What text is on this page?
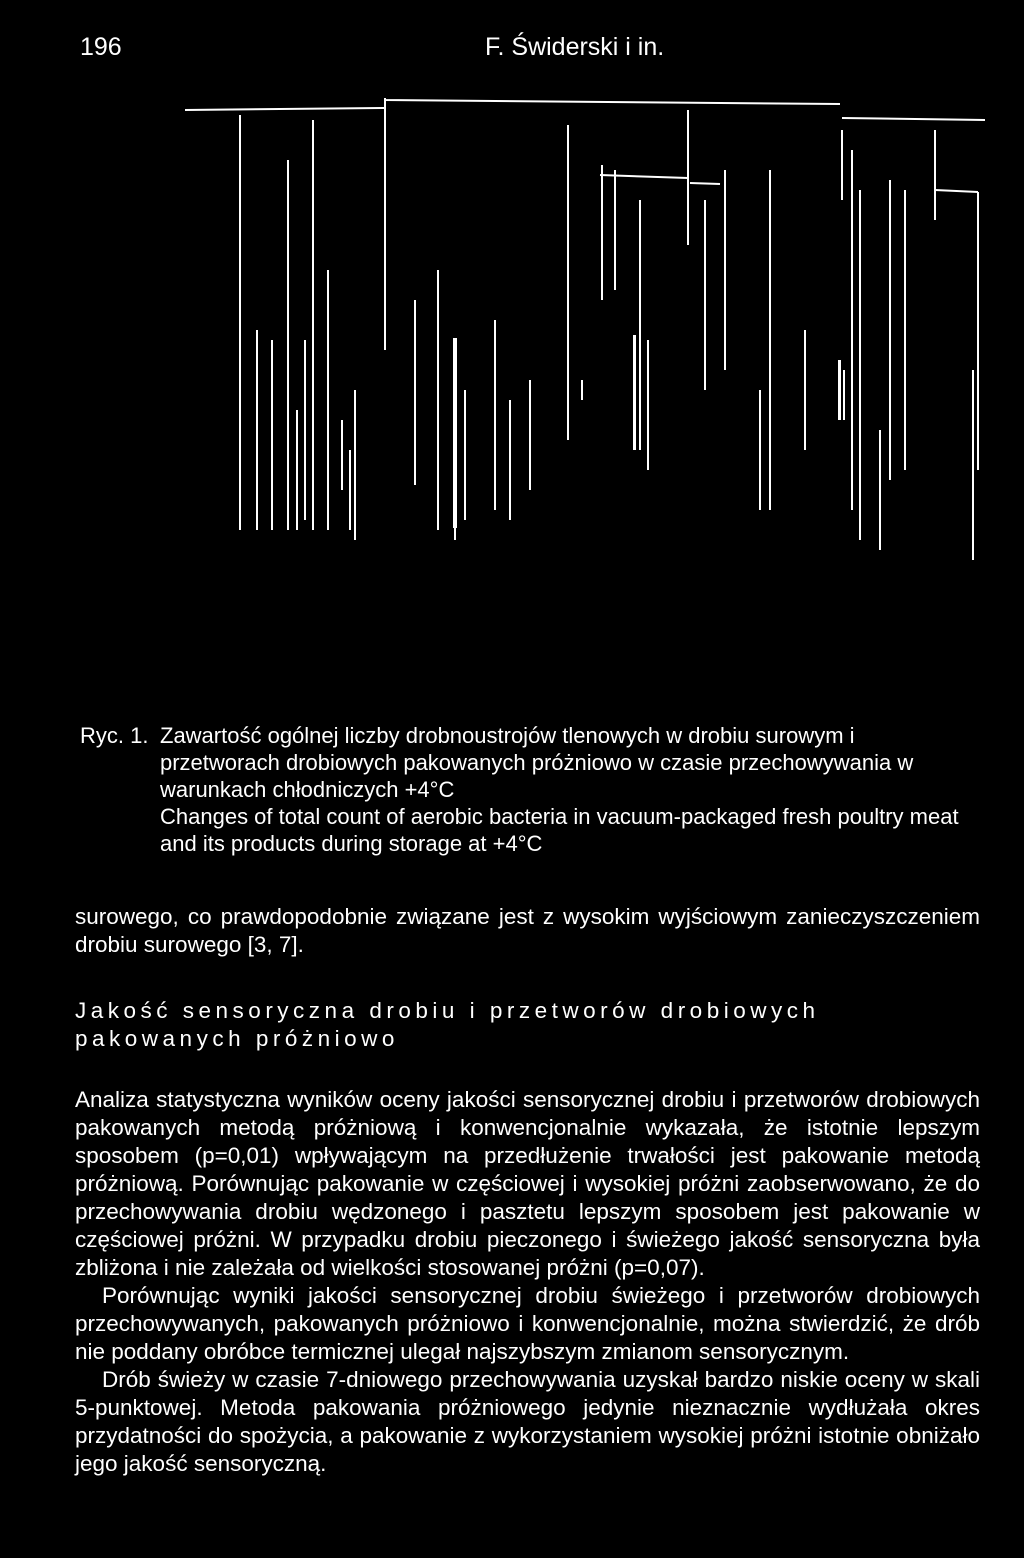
196	F. Świderski i in.
Ryc. 1. Zawartość ogólnej liczby drobnoustrojów tlenowych w drobiu surowym i przetworach drobiowych pakowanych próżniowo w czasie przechowywania w warunkach chłodniczych +4°C

Changes of total count of aerobic bacteria in vacuum-packaged fresh poultry meat and its products during storage at +4°C

surowego, co prawdopodobnie związane jest z wysokim wyjściowym zanieczyszczeniem drobiu surowego [3, 7].

Jakość sensoryczna drobiu i przetworów drobiowych pakowanych próżniowo

Analiza statystyczna wyników oceny jakości sensorycznej drobiu i przetworów drobiowych pakowanych metodą próżniową i konwencjonalnie wykazała, że istotnie lepszym sposobem (p=0,01) wpływającym na przedłużenie trwałości jest pakowanie metodą próżniową. Porównując pakowanie w częściowej i wysokiej próżni zaobserwowano, że do przechowywania drobiu wędzonego i pasztetu lepszym sposobem jest pakowanie w częściowej próżni. W przypadku drobiu pieczonego i świeżego jakość sensoryczna była zbliżona i nie zależała od wielkości stosowanej próżni (p=0,07).

Porównując wyniki jakości sensorycznej drobiu świeżego i przetworów drobiowych przechowywanych, pakowanych próżniowo i konwencjonalnie, można stwierdzić, że drób nie poddany obróbce termicznej ulegał najszybszym zmianom sensorycznym.

Drób świeży w czasie 7-dniowego przechowywania uzyskał bardzo niskie oceny w skali 5-punktowej. Metoda pakowania próżniowego jedynie nieznacznie wydłużała okres przydatności do spożycia, a pakowanie z wykorzystaniem wysokiej próżni istotnie obniżało jego jakość sensoryczną.
